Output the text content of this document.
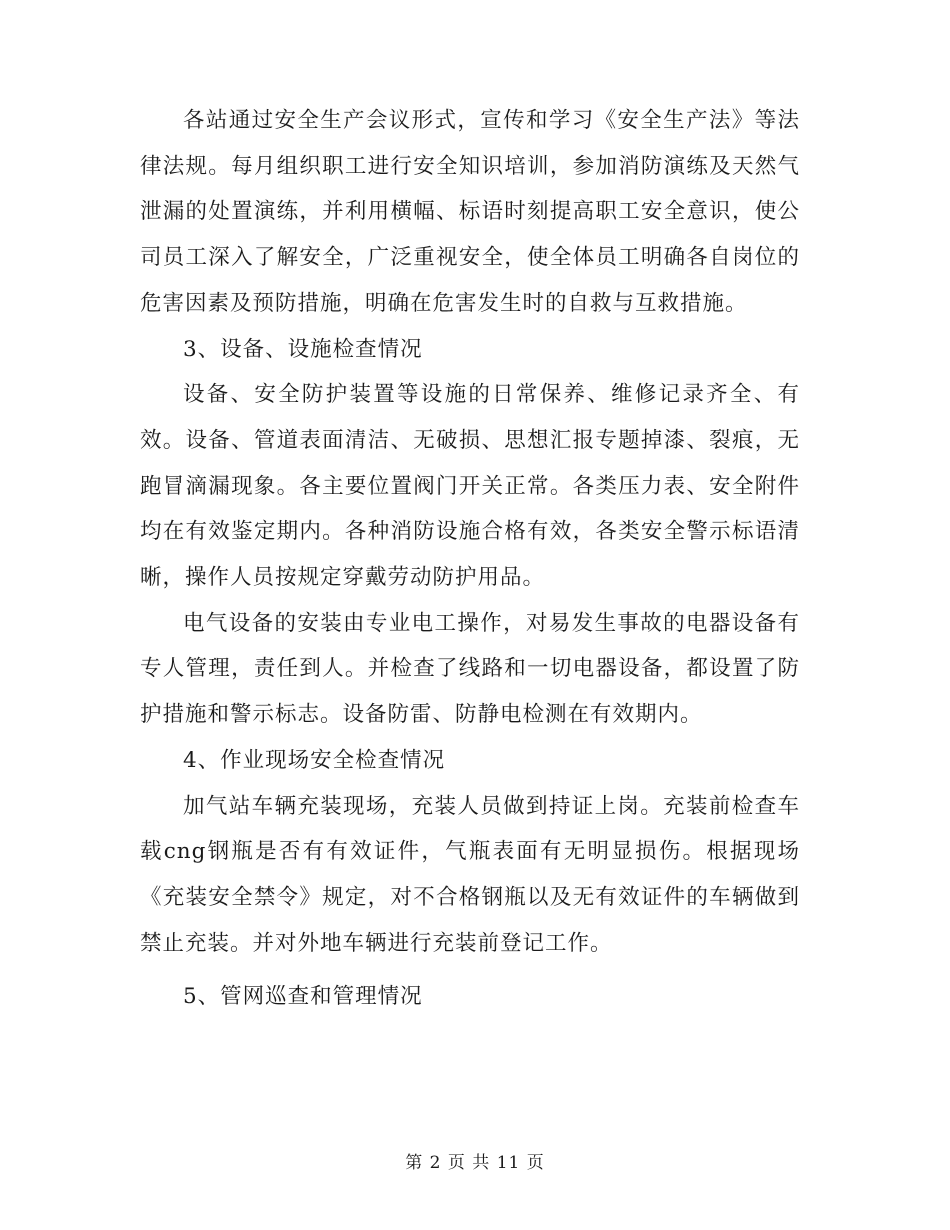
各站通过安全生产会议形式，宣传和学习《安全生产法》等法律法规。每月组织职工进行安全知识培训，参加消防演练及天然气泄漏的处置演练，并利用横幅、标语时刻提高职工安全意识，使公司员工深入了解安全，广泛重视安全，使全体员工明确各自岗位的危害因素及预防措施，明确在危害发生时的自救与互救措施。

3、设备、设施检查情况

设备、安全防护装置等设施的日常保养、维修记录齐全、有效。设备、管道表面清洁、无破损、思想汇报专题掉漆、裂痕，无跑冒滴漏现象。各主要位置阀门开关正常。各类压力表、安全附件均在有效鉴定期内。各种消防设施合格有效，各类安全警示标语清晰，操作人员按规定穿戴劳动防护用品。

电气设备的安装由专业电工操作，对易发生事故的电器设备有专人管理，责任到人。并检查了线路和一切电器设备，都设置了防护措施和警示标志。设备防雷、防静电检测在有效期内。

4、作业现场安全检查情况

加气站车辆充装现场，充装人员做到持证上岗。充装前检查车载cng钢瓶是否有有效证件，气瓶表面有无明显损伤。根据现场《充装安全禁令》规定，对不合格钢瓶以及无有效证件的车辆做到禁止充装。并对外地车辆进行充装前登记工作。

5、管网巡查和管理情况

第 2 页 共 11 页
